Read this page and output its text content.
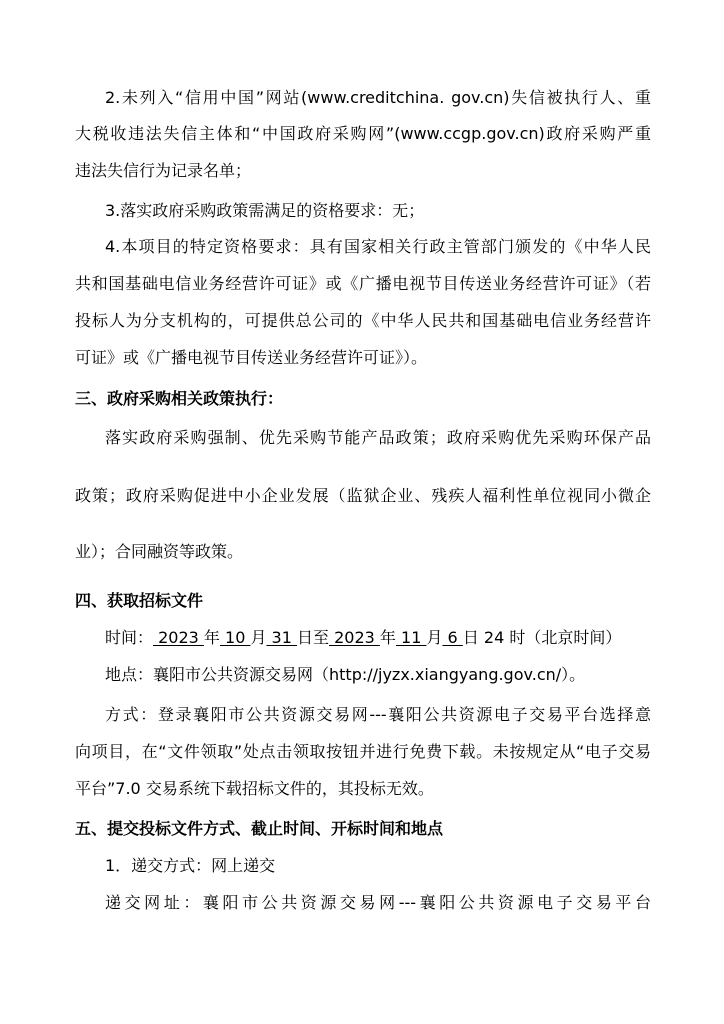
2.未列入“信用中国”网站(www.creditchina. gov.cn)失信被执行人、重
大税收违法失信主体和“中国政府采购网”(www.ccgp.gov.cn)政府采购严重
违法失信行为记录名单；
3.落实政府采购政策需满足的资格要求：无；
4.本项目的特定资格要求：具有国家相关行政主管部门颁发的《中华人民
共和国基础电信业务经营许可证》或《广播电视节目传送业务经营许可证》（若
投标人为分支机构的，可提供总公司的《中华人民共和国基础电信业务经营许
可证》或《广播电视节目传送业务经营许可证》）。
三、政府采购相关政策执行：
落实政府采购强制、优先采购节能产品政策；政府采购优先采购环保产品
政策；政府采购促进中小企业发展（监狱企业、残疾人福利性单位视同小微企
业）；合同融资等政策。
四、获取招标文件
时间： 2023 年 10 月 31 日至 2023 年 11 月 6 日 24 时（北京时间）
地点：襄阳市公共资源交易网（http://jyzx.xiangyang.gov.cn/）。
方式：登录襄阳市公共资源交易网---襄阳公共资源电子交易平台选择意
向项目，在“文件领取”处点击领取按钮并进行免费下载。未按规定从“电子交易
平台”7.0 交易系统下载招标文件的，其投标无效。
五、提交投标文件方式、截止时间、开标时间和地点
1．递交方式：网上递交
递交网址：襄阳市公共资源交易网---襄阳公共资源电子交易平台
